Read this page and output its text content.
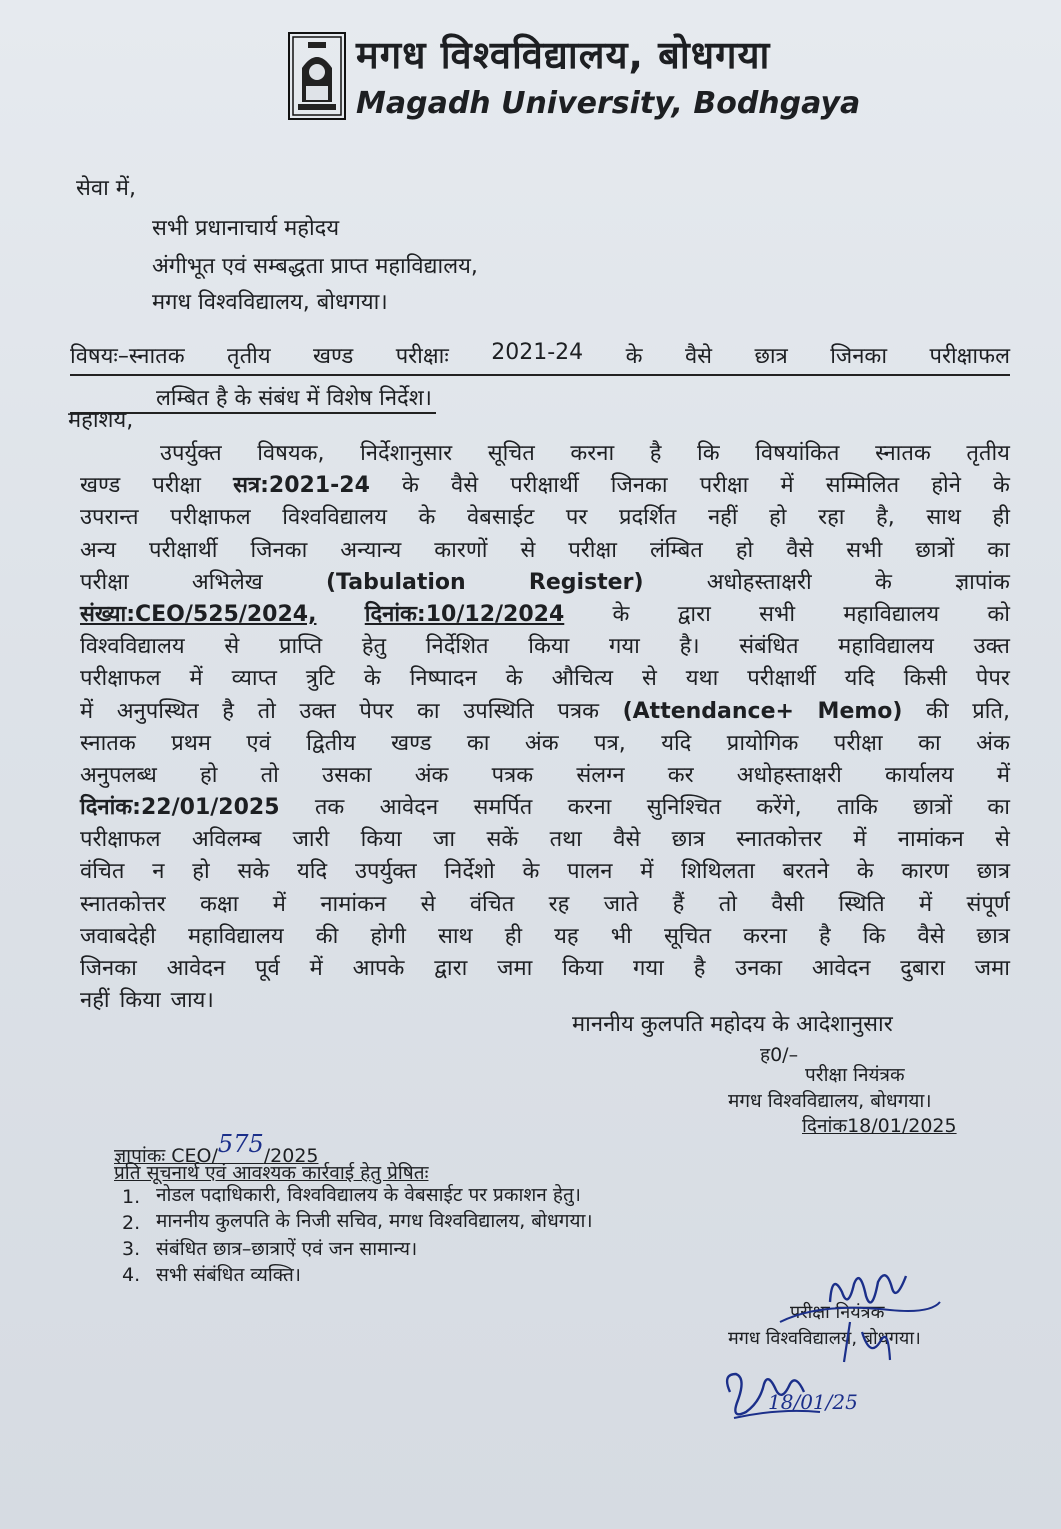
मगध विश्वविद्यालय, बोधगया
Magadh University, Bodhgaya
सेवा में,
सभी प्रधानाचार्य महोदय
अंगीभूत एवं सम्बद्धता प्राप्त महाविद्यालय,
मगध विश्वविद्यालय, बोधगया।
विषयः–स्नातक तृतीय खण्ड परीक्षाः 2021-24 के वैसे छात्र जिनका परीक्षाफल
लम्बित है के संबंध में विशेष निर्देश।
महाशय,
उपर्युक्त विषयक, निर्देशानुसार सूचित करना है कि विषयांकित स्नातक तृतीय
खण्ड परीक्षा सत्र:2021-24 के वैसे परीक्षार्थी जिनका परीक्षा में सम्मिलित होने के
उपरान्त परीक्षाफल विश्वविद्यालय के वेबसाईट पर प्रदर्शित नहीं हो रहा है, साथ ही
अन्य परीक्षार्थी जिनका अन्यान्य कारणों से परीक्षा लंम्बित हो वैसे सभी छात्रों का
परीक्षा	अभिलेख	(Tabulation	Register)	अधोहस्ताक्षरी	के	ज्ञापांक
संख्या:CEO/525/2024, दिनांक:10/12/2024 के द्वारा सभी महाविद्यालय को
विश्वविद्यालय से प्राप्ति हेतु निर्देशित किया गया है। संबंधित महाविद्यालय उक्त
परीक्षाफल में व्याप्त त्रुटि के निष्पादन के औचित्य से यथा परीक्षार्थी यदि किसी पेपर
में अनुपस्थित है तो उक्त पेपर का उपस्थिति पत्रक (Attendance+ Memo) की प्रति,
स्नातक प्रथम एवं द्वितीय खण्ड का अंक पत्र, यदि प्रायोगिक परीक्षा का अंक
अनुपलब्ध हो तो उसका अंक पत्रक संलग्न कर अधोहस्ताक्षरी कार्यालय में
दिनांक:22/01/2025 तक आवेदन समर्पित करना सुनिश्चित करेंगे, ताकि छात्रों का
परीक्षाफल अविलम्ब जारी किया जा सकें तथा वैसे छात्र स्नातकोत्तर में नामांकन से
वंचित न हो सके यदि उपर्युक्त निर्देशो के पालन में शिथिलता बरतने के कारण छात्र
स्नातकोत्तर कक्षा में नामांकन से वंचित रह जाते हैं तो वैसी स्थिति में संपूर्ण
जवाबदेही महाविद्यालय की होगी साथ ही यह भी सूचित करना है कि वैसे छात्र
जिनका आवेदन पूर्व में आपके द्वारा जमा किया गया है उनका आवेदन दुबारा जमा
नहीं किया जाय।
माननीय कुलपति महोदय के आदेशानुसार
ह0/–
परीक्षा नियंत्रक
मगध विश्वविद्यालय, बोधगया।
दिनांक18/01/2025
ज्ञापांकः CEO/575/2025
प्रति सूचनार्थ एवं आवश्यक कार्रवाई हेतु प्रेषितः
1. नोडल पदाधिकारी, विश्वविद्यालय के वेबसाईट पर प्रकाशन हेतु।
2. माननीय कुलपति के निजी सचिव, मगध विश्वविद्यालय, बोधगया।
3. संबंधित छात्र–छात्राऐं एवं जन सामान्य।
4. सभी संबंधित व्यक्ति।
परीक्षा नियंत्रक
मगध विश्वविद्यालय, बोधगया।
18/01/25
